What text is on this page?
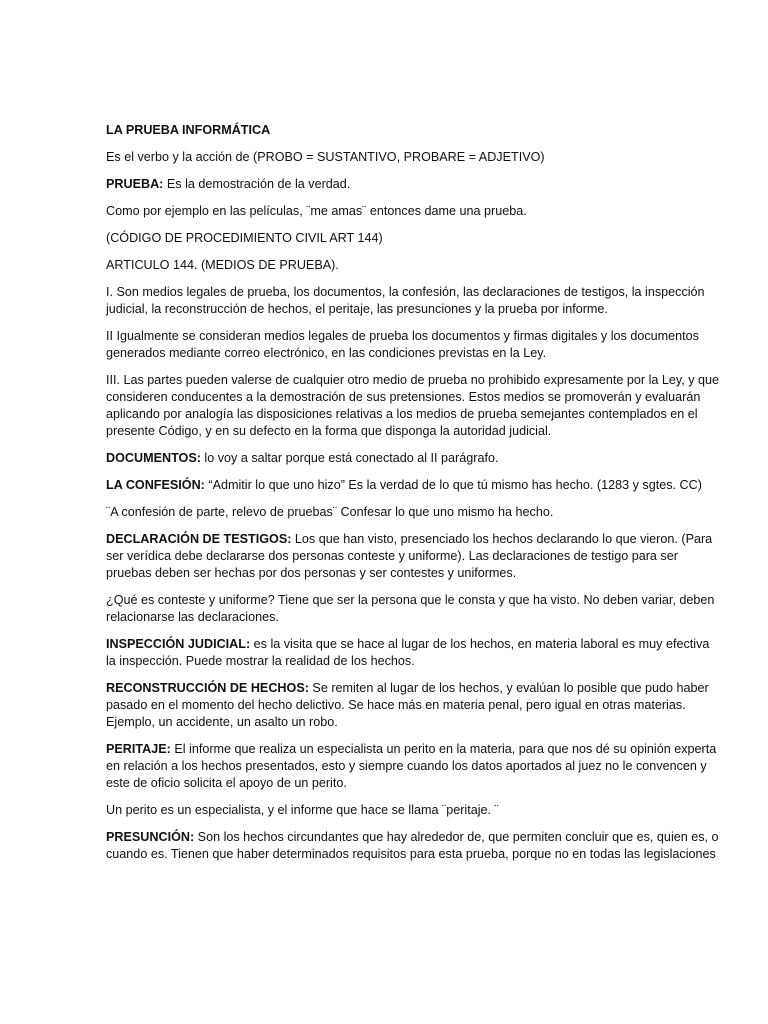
LA PRUEBA INFORMÁTICA

Es el verbo y la acción de (PROBO = SUSTANTIVO, PROBARE = ADJETIVO)

PRUEBA: Es la demostración de la verdad.

Como por ejemplo en las películas, ¨me amas¨ entonces dame una prueba.

(CÓDIGO DE PROCEDIMIENTO CIVIL ART 144)

ARTICULO 144. (MEDIOS DE PRUEBA).

I. Son medios legales de prueba, los documentos, la confesión, las declaraciones de testigos, la inspección judicial, la reconstrucción de hechos, el peritaje, las presunciones y la prueba por informe.

II Igualmente se consideran medios legales de prueba los documentos y firmas digitales y los documentos generados mediante correo electrónico, en las condiciones previstas en la Ley.

III. Las partes pueden valerse de cualquier otro medio de prueba no prohibido expresamente por la Ley, y que consideren conducentes a la demostración de sus pretensiones. Estos medios se promoverán y evaluarán aplicando por analogía las disposiciones relativas a los medios de prueba semejantes contemplados en el presente Código, y en su defecto en la forma que disponga la autoridad judicial.

DOCUMENTOS: lo voy a saltar porque está conectado al II parágrafo.

LA CONFESIÓN: “Admitir lo que uno hizo” Es la verdad de lo que tú mismo has hecho. (1283 y sgtes. CC)

¨A confesión de parte, relevo de pruebas¨ Confesar lo que uno mismo ha hecho.

DECLARACIÓN DE TESTIGOS: Los que han visto, presenciado los hechos declarando lo que vieron. (Para ser verídica debe declararse dos personas conteste y uniforme). Las declaraciones de testigo para ser pruebas deben ser hechas por dos personas y ser contestes y uniformes.

¿Qué es conteste y uniforme? Tiene que ser la persona que le consta y que ha visto. No deben variar, deben relacionarse las declaraciones.

INSPECCIÓN JUDICIAL: es la visita que se hace al lugar de los hechos, en materia laboral es muy efectiva la inspección. Puede mostrar la realidad de los hechos.

RECONSTRUCCIÓN DE HECHOS: Se remiten al lugar de los hechos, y evalúan lo posible que pudo haber pasado en el momento del hecho delictivo. Se hace más en materia penal, pero igual en otras materias. Ejemplo, un accidente, un asalto un robo.

PERITAJE: El informe que realiza un especialista un perito en la materia, para que nos dé su opinión experta en relación a los hechos presentados, esto y siempre cuando los datos aportados al juez no le convencen y este de oficio solicita el apoyo de un perito.

Un perito es un especialista, y el informe que hace se llama ¨peritaje. ¨

PRESUNCIÓN: Son los hechos circundantes que hay alrededor de, que permiten concluir que es, quien es, o cuando es. Tienen que haber determinados requisitos para esta prueba, porque no en todas las legislaciones
